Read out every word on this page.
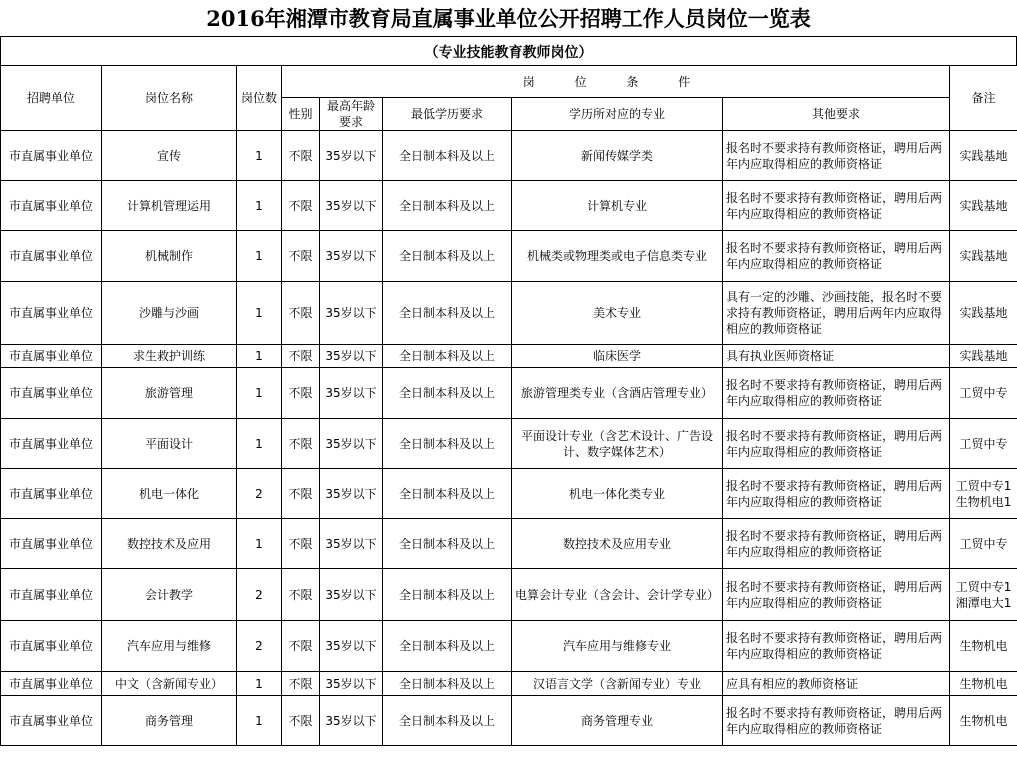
2016年湘潭市教育局直属事业单位公开招聘工作人员岗位一览表
（专业技能教育教师岗位）
招聘单位	岗位名称	岗位数	岗 位 条 件					备注
			性别	最高年龄要求	最低学历要求	学历所对应的专业	其他要求	
市直属事业单位	宣传	1	不限	35岁以下	全日制本科及以上	新闻传媒学类	报名时不要求持有教师资格证，聘用后两年内应取得相应的教师资格证	实践基地
市直属事业单位	计算机管理运用	1	不限	35岁以下	全日制本科及以上	计算机专业	报名时不要求持有教师资格证，聘用后两年内应取得相应的教师资格证	实践基地
市直属事业单位	机械制作	1	不限	35岁以下	全日制本科及以上	机械类或物理类或电子信息类专业	报名时不要求持有教师资格证，聘用后两年内应取得相应的教师资格证	实践基地
市直属事业单位	沙雕与沙画	1	不限	35岁以下	全日制本科及以上	美术专业	具有一定的沙雕、沙画技能，报名时不要求持有教师资格证，聘用后两年内应取得相应的教师资格证	实践基地
市直属事业单位	求生救护训练	1	不限	35岁以下	全日制本科及以上	临床医学	具有执业医师资格证	实践基地
市直属事业单位	旅游管理	1	不限	35岁以下	全日制本科及以上	旅游管理类专业（含酒店管理专业）	报名时不要求持有教师资格证，聘用后两年内应取得相应的教师资格证	工贸中专
市直属事业单位	平面设计	1	不限	35岁以下	全日制本科及以上	平面设计专业（含艺术设计、广告设计、数字媒体艺术）	报名时不要求持有教师资格证，聘用后两年内应取得相应的教师资格证	工贸中专
市直属事业单位	机电一体化	2	不限	35岁以下	全日制本科及以上	机电一体化类专业	报名时不要求持有教师资格证，聘用后两年内应取得相应的教师资格证	工贸中专1生物机电1
市直属事业单位	数控技术及应用	1	不限	35岁以下	全日制本科及以上	数控技术及应用专业	报名时不要求持有教师资格证，聘用后两年内应取得相应的教师资格证	工贸中专
市直属事业单位	会计教学	2	不限	35岁以下	全日制本科及以上	电算会计专业（含会计、会计学专业）	报名时不要求持有教师资格证，聘用后两年内应取得相应的教师资格证	工贸中专1湘潭电大1
市直属事业单位	汽车应用与维修	2	不限	35岁以下	全日制本科及以上	汽车应用与维修专业	报名时不要求持有教师资格证，聘用后两年内应取得相应的教师资格证	生物机电
市直属事业单位	中文（含新闻专业）	1	不限	35岁以下	全日制本科及以上	汉语言文学（含新闻专业）专业	应具有相应的教师资格证	生物机电
市直属事业单位	商务管理	1	不限	35岁以下	全日制本科及以上	商务管理专业	报名时不要求持有教师资格证，聘用后两年内应取得相应的教师资格证	生物机电
